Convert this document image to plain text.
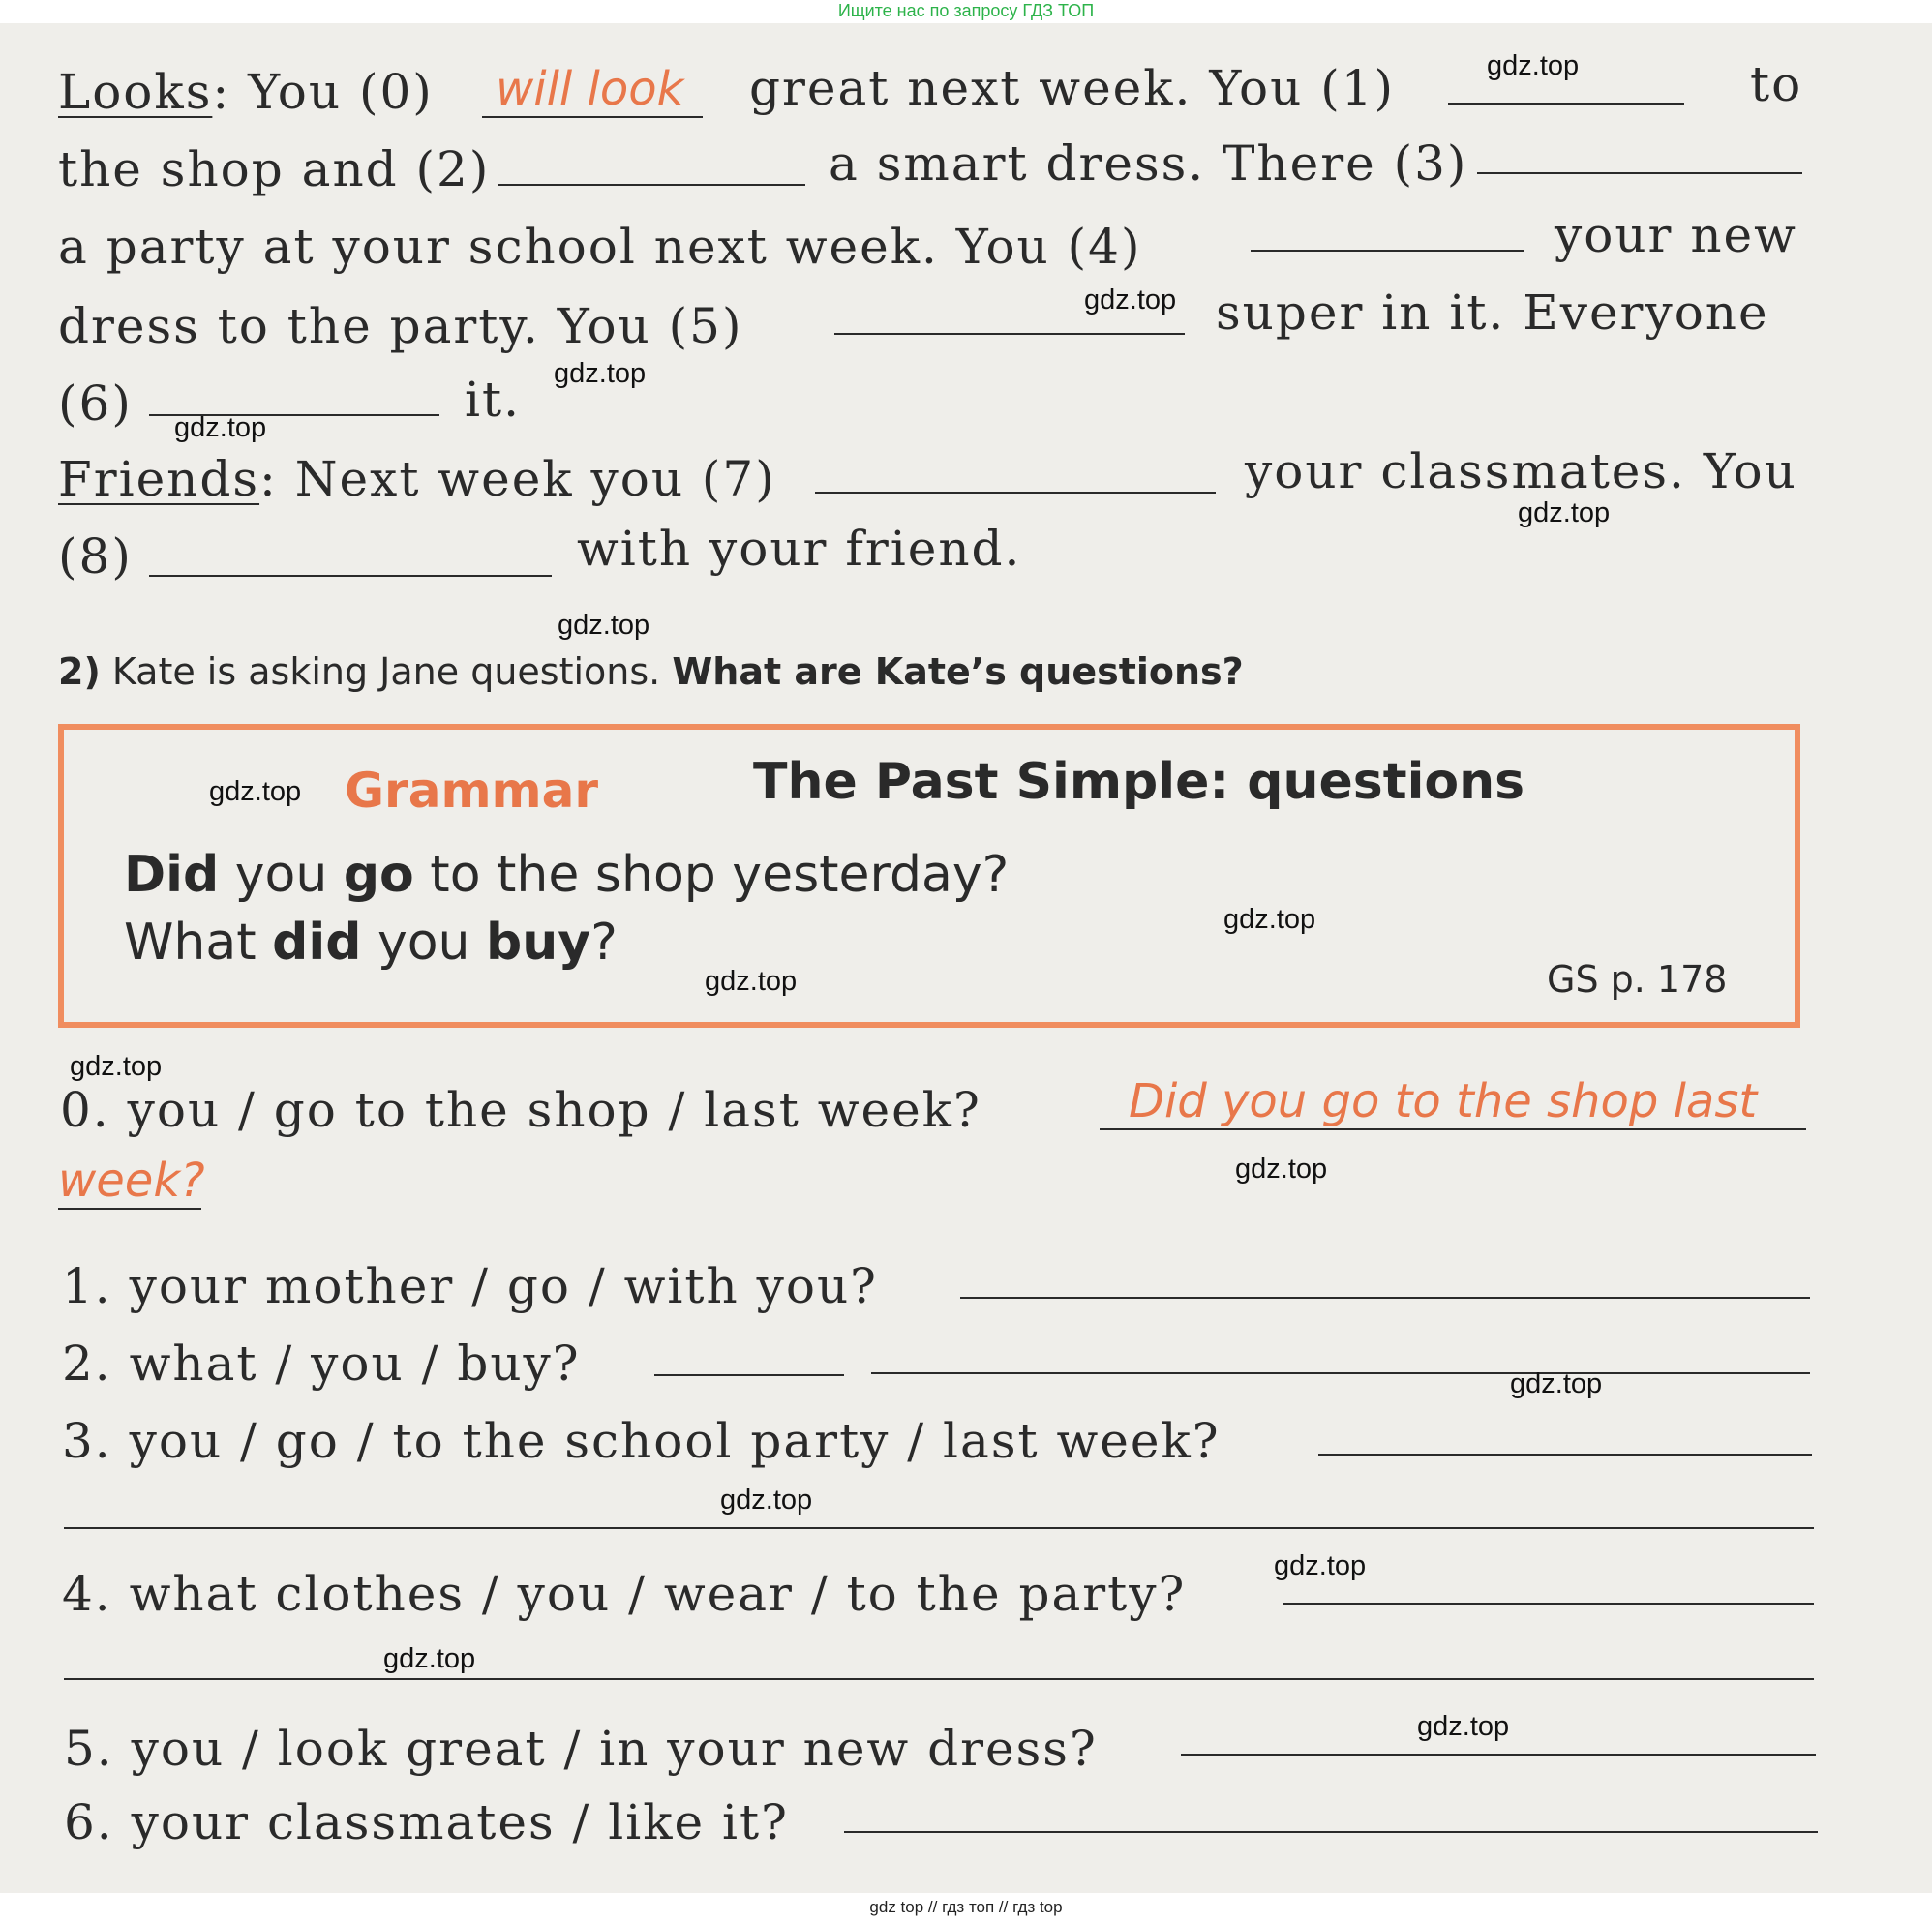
Ищите нас по запросу ГДЗ ТОП
Looks: You (0) will look great next week. You (1)	to
the shop and (2)	a smart dress. There (3)
a party at your school next week. You (4)	your new
dress to the party. You (5)	super in it. Everyone
(6)	it.
Friends: Next week you (7)	your classmates. You
(8)	with your friend.
2) Kate is asking Jane questions. What are Kate’s questions?
Grammar	The Past Simple: questions
Did you go to the shop yesterday?
What did you buy?
GS p. 178
0. you / go to the shop / last week?	Did you go to the shop last
week?
1. your mother / go / with you?
2. what / you / buy?
3. you / go / to the school party / last week?
4. what clothes / you / wear / to the party?
5. you / look great / in your new dress?
6. your classmates / like it?
gdz.top
gdz.top
gdz.top
gdz.top
gdz.top
gdz.top
gdz.top
gdz.top
gdz.top
gdz.top
gdz.top
gdz.top
gdz.top
gdz.top
gdz.top
gdz.top
gdz top // гдз топ // гдз top
